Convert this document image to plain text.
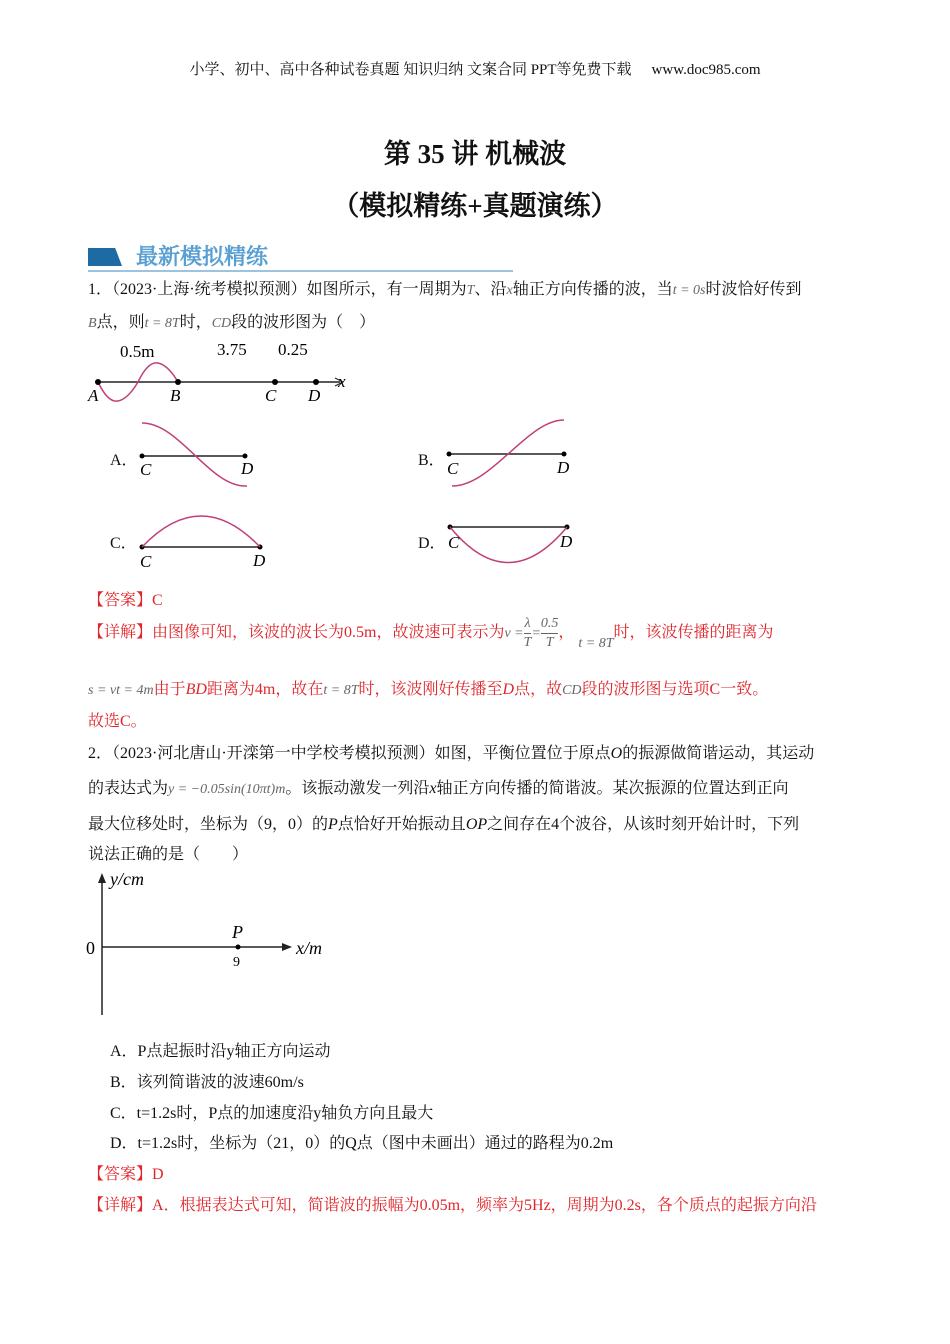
小学、初中、高中各种试卷真题 知识归纳 文案合同 PPT等免费下载 www.doc985.com
第 35 讲 机械波
（模拟精练+真题演练）
最新模拟精练
1．（2023·上海·统考模拟预测）如图所示，有一周期为T、沿x轴正方向传播的波，当t = 0s时波恰好传到
B点，则t = 8T时，CD段的波形图为（　）
0.5m	3.75 0.25
A	B	C D
x
A． C	D	B． C	D
C．
C	D
D． C	D
【答案】C
【详解】由图像可知，该波的波长为0.5m，故波速可表示为$v = \frac{\lambda}{T}= \frac{0.5}{T}$， t = 8T时，该波传播的距离为
s = vt = 4m由于BD距离为4m，故在t = 8T时，该波刚好传播至D点，故CD段的波形图与选项C一致。
故选C。
2．（2023·河北唐山·开滦第一中学校考模拟预测）如图，平衡位置位于原点O的振源做简谐运动，其运动
的表达式为y = −0.05sin(10πt)m。该振动激发一列沿x轴正方向传播的简谐波。某次振源的位置达到正向
最大位移处时，坐标为（9，0）的P点恰好开始振动且OP之间存在4个波谷，从该时刻开始计时，下列
说法正确的是（　　）
y/cm
0
P
9
x/m
A．P点起振时沿y轴正方向运动
B．该列简谐波的波速60m/s
C．t=1.2s时，P点的加速度沿y轴负方向且最大
D．t=1.2s时，坐标为（21，0）的Q点（图中未画出）通过的路程为0.2m
【答案】D
【详解】A．根据表达式可知，简谐波的振幅为0.05m，频率为5Hz，周期为0.2s，各个质点的起振方向沿
